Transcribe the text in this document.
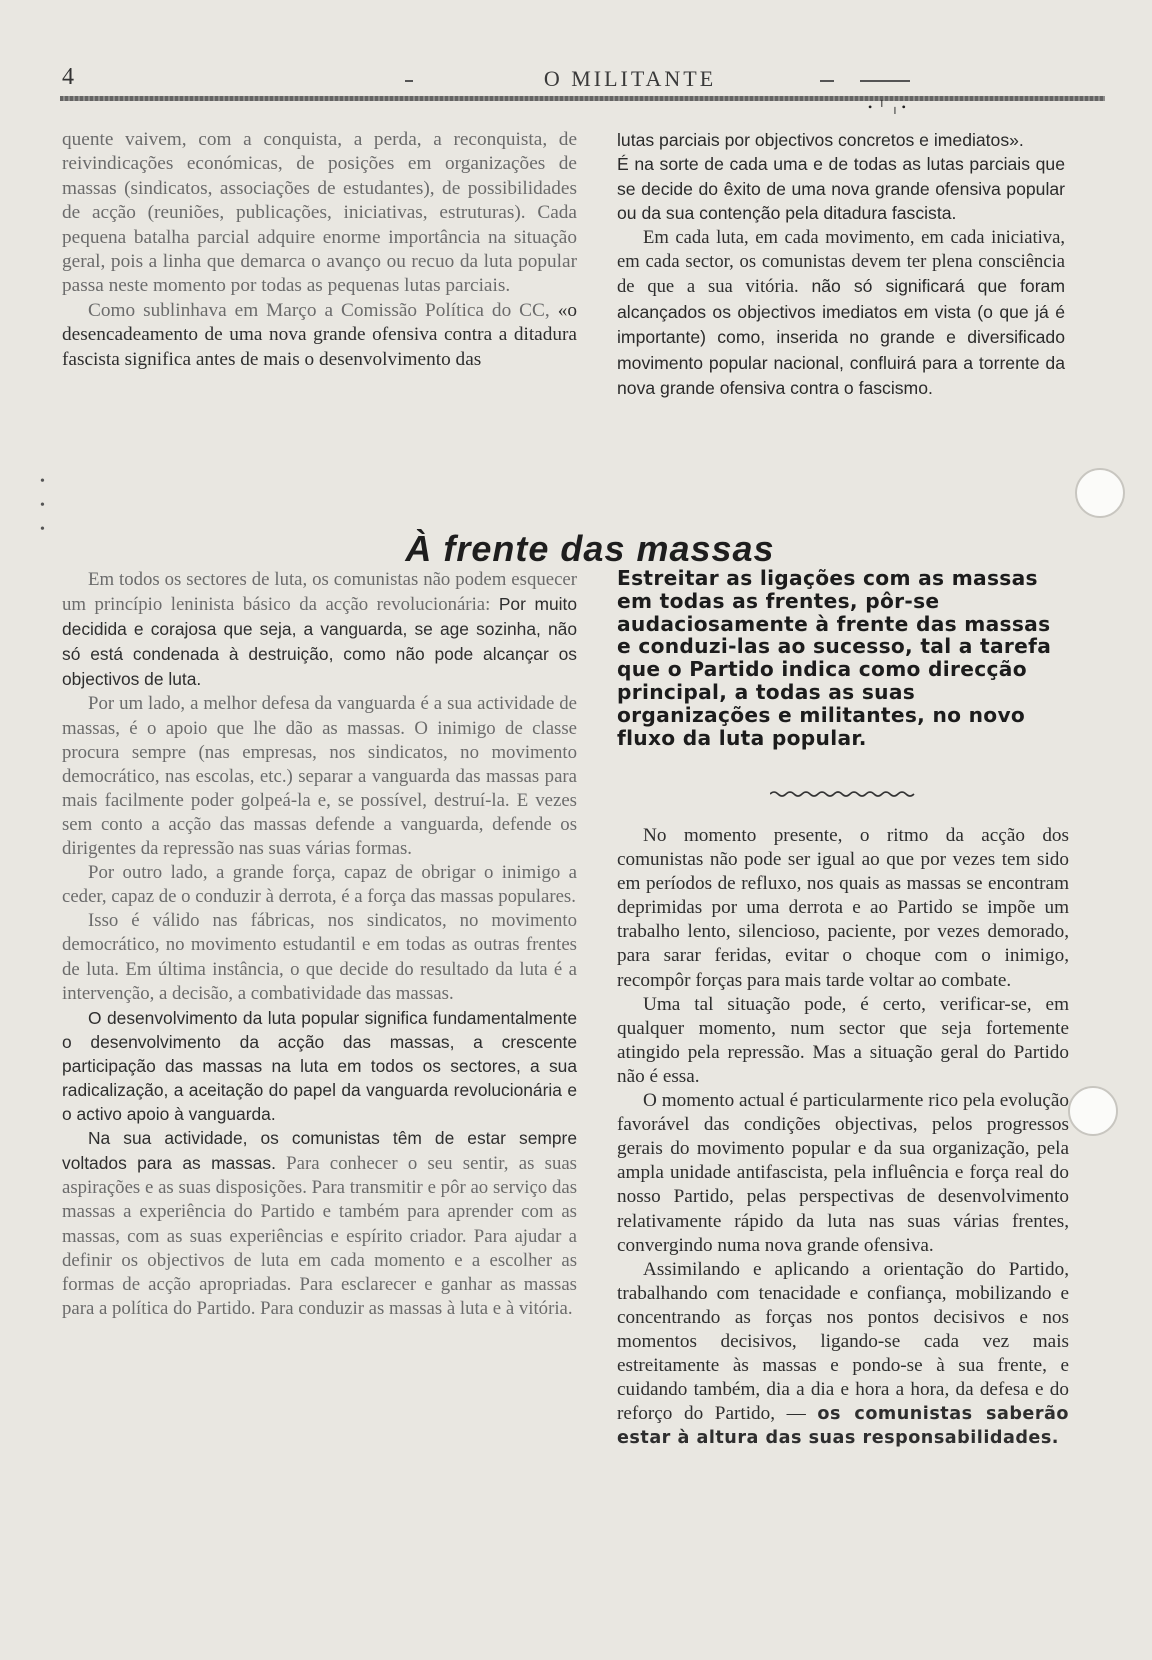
4	O MILITANTE
•  ╵  ╷ •

quente vaivem, com a conquista, a perda, a reconquista, de reivindicações económicas, de posições em organizações de massas (sindicatos, associações de estudantes), de possibilidades de acção (reuniões, publicações, iniciativas, estruturas). Cada pequena batalha parcial adquire enorme importância na situação geral, pois a linha que demarca o avanço ou recuo da luta popular passa neste momento por todas as pequenas lutas parciais.

Como sublinhava em Março a Comissão Política do CC, «o desencadeamento de uma nova grande ofensiva contra a ditadura fascista significa antes de mais o desenvolvimento das

lutas parciais por objectivos concretos e imediatos».

É na sorte de cada uma e de todas as lutas parciais que se decide do êxito de uma nova grande ofensiva popular ou da sua contenção pela ditadura fascista.

Em cada luta, em cada movimento, em cada iniciativa, em cada sector, os comunistas devem ter plena consciência de que a sua vitória. não só significará que foram alcançados os objectivos imediatos em vista (o que já é importante) como, inserida no grande e diversificado movimento popular nacional, confluirá para a torrente da nova grande ofensiva contra o fascismo.

•
•
•	À frente das massas

Em todos os sectores de luta, os comunistas não podem esquecer um princípio leninista básico da acção revolucionária: Por muito decidida e corajosa que seja, a vanguarda, se age sozinha, não só está condenada à destruição, como não pode alcançar os objectivos de luta.

Por um lado, a melhor defesa da vanguarda é a sua actividade de massas, é o apoio que lhe dão as massas. O inimigo de classe procura sempre (nas empresas, nos sindicatos, no movimento democrático, nas escolas, etc.) separar a vanguarda das massas para mais facilmente poder golpeá-la e, se possível, destruí-la. E vezes sem conto a acção das massas defende a vanguarda, defende os dirigentes da repressão nas suas várias formas.

Por outro lado, a grande força, capaz de obrigar o inimigo a ceder, capaz de o conduzir à derrota, é a força das massas populares.

Isso é válido nas fábricas, nos sindicatos, no movimento democrático, no movimento estudantil e em todas as outras frentes de luta. Em última instância, o que decide do resultado da luta é a intervenção, a decisão, a combatividade das massas.

O desenvolvimento da luta popular significa fundamentalmente o desenvolvimento da acção das massas, a crescente participação das massas na luta em todos os sectores, a sua radicalização, a aceitação do papel da vanguarda revolucionária e o activo apoio à vanguarda.

Na sua actividade, os comunistas têm de estar sempre voltados para as massas. Para conhecer o seu sentir, as suas aspirações e as suas disposições. Para transmitir e pôr ao serviço das massas a experiência do Partido e também para aprender com as massas, com as suas experiências e espírito criador. Para ajudar a definir os objectivos de luta em cada momento e a escolher as formas de acção apropriadas. Para esclarecer e ganhar as massas para a política do Partido. Para conduzir as massas à luta e à vitória.

Estreitar as ligações com as massas em todas as frentes, pôr-se audaciosamente à frente das massas e conduzi-las ao sucesso, tal a tarefa que o Partido indica como direcção principal, a todas as suas organizações e militantes, no novo fluxo da luta popular.

No momento presente, o ritmo da acção dos comunistas não pode ser igual ao que por vezes tem sido em períodos de refluxo, nos quais as massas se encontram deprimidas por uma derrota e ao Partido se impõe um trabalho lento, silencioso, paciente, por vezes demorado, para sarar feridas, evitar o choque com o inimigo, recompôr forças para mais tarde voltar ao combate.

Uma tal situação pode, é certo, verificar-se, em qualquer momento, num sector que seja fortemente atingido pela repressão. Mas a situação geral do Partido não é essa.

O momento actual é particularmente rico pela evolução favorável das condições objectivas, pelos progressos gerais do movimento popular e da sua organização, pela ampla unidade antifascista, pela influência e força real do nosso Partido, pelas perspectivas de desenvolvimento relativamente rápido da luta nas suas várias frentes, convergindo numa nova grande ofensiva.

Assimilando e aplicando a orientação do Partido, trabalhando com tenacidade e confiança, mobilizando e concentrando as forças nos pontos decisivos e nos momentos decisivos, ligando-se cada vez mais estreitamente às massas e pondo-se à sua frente, e cuidando também, dia a dia e hora a hora, da defesa e do reforço do Partido, — os comunistas saberão estar à altura das suas responsabilidades.
